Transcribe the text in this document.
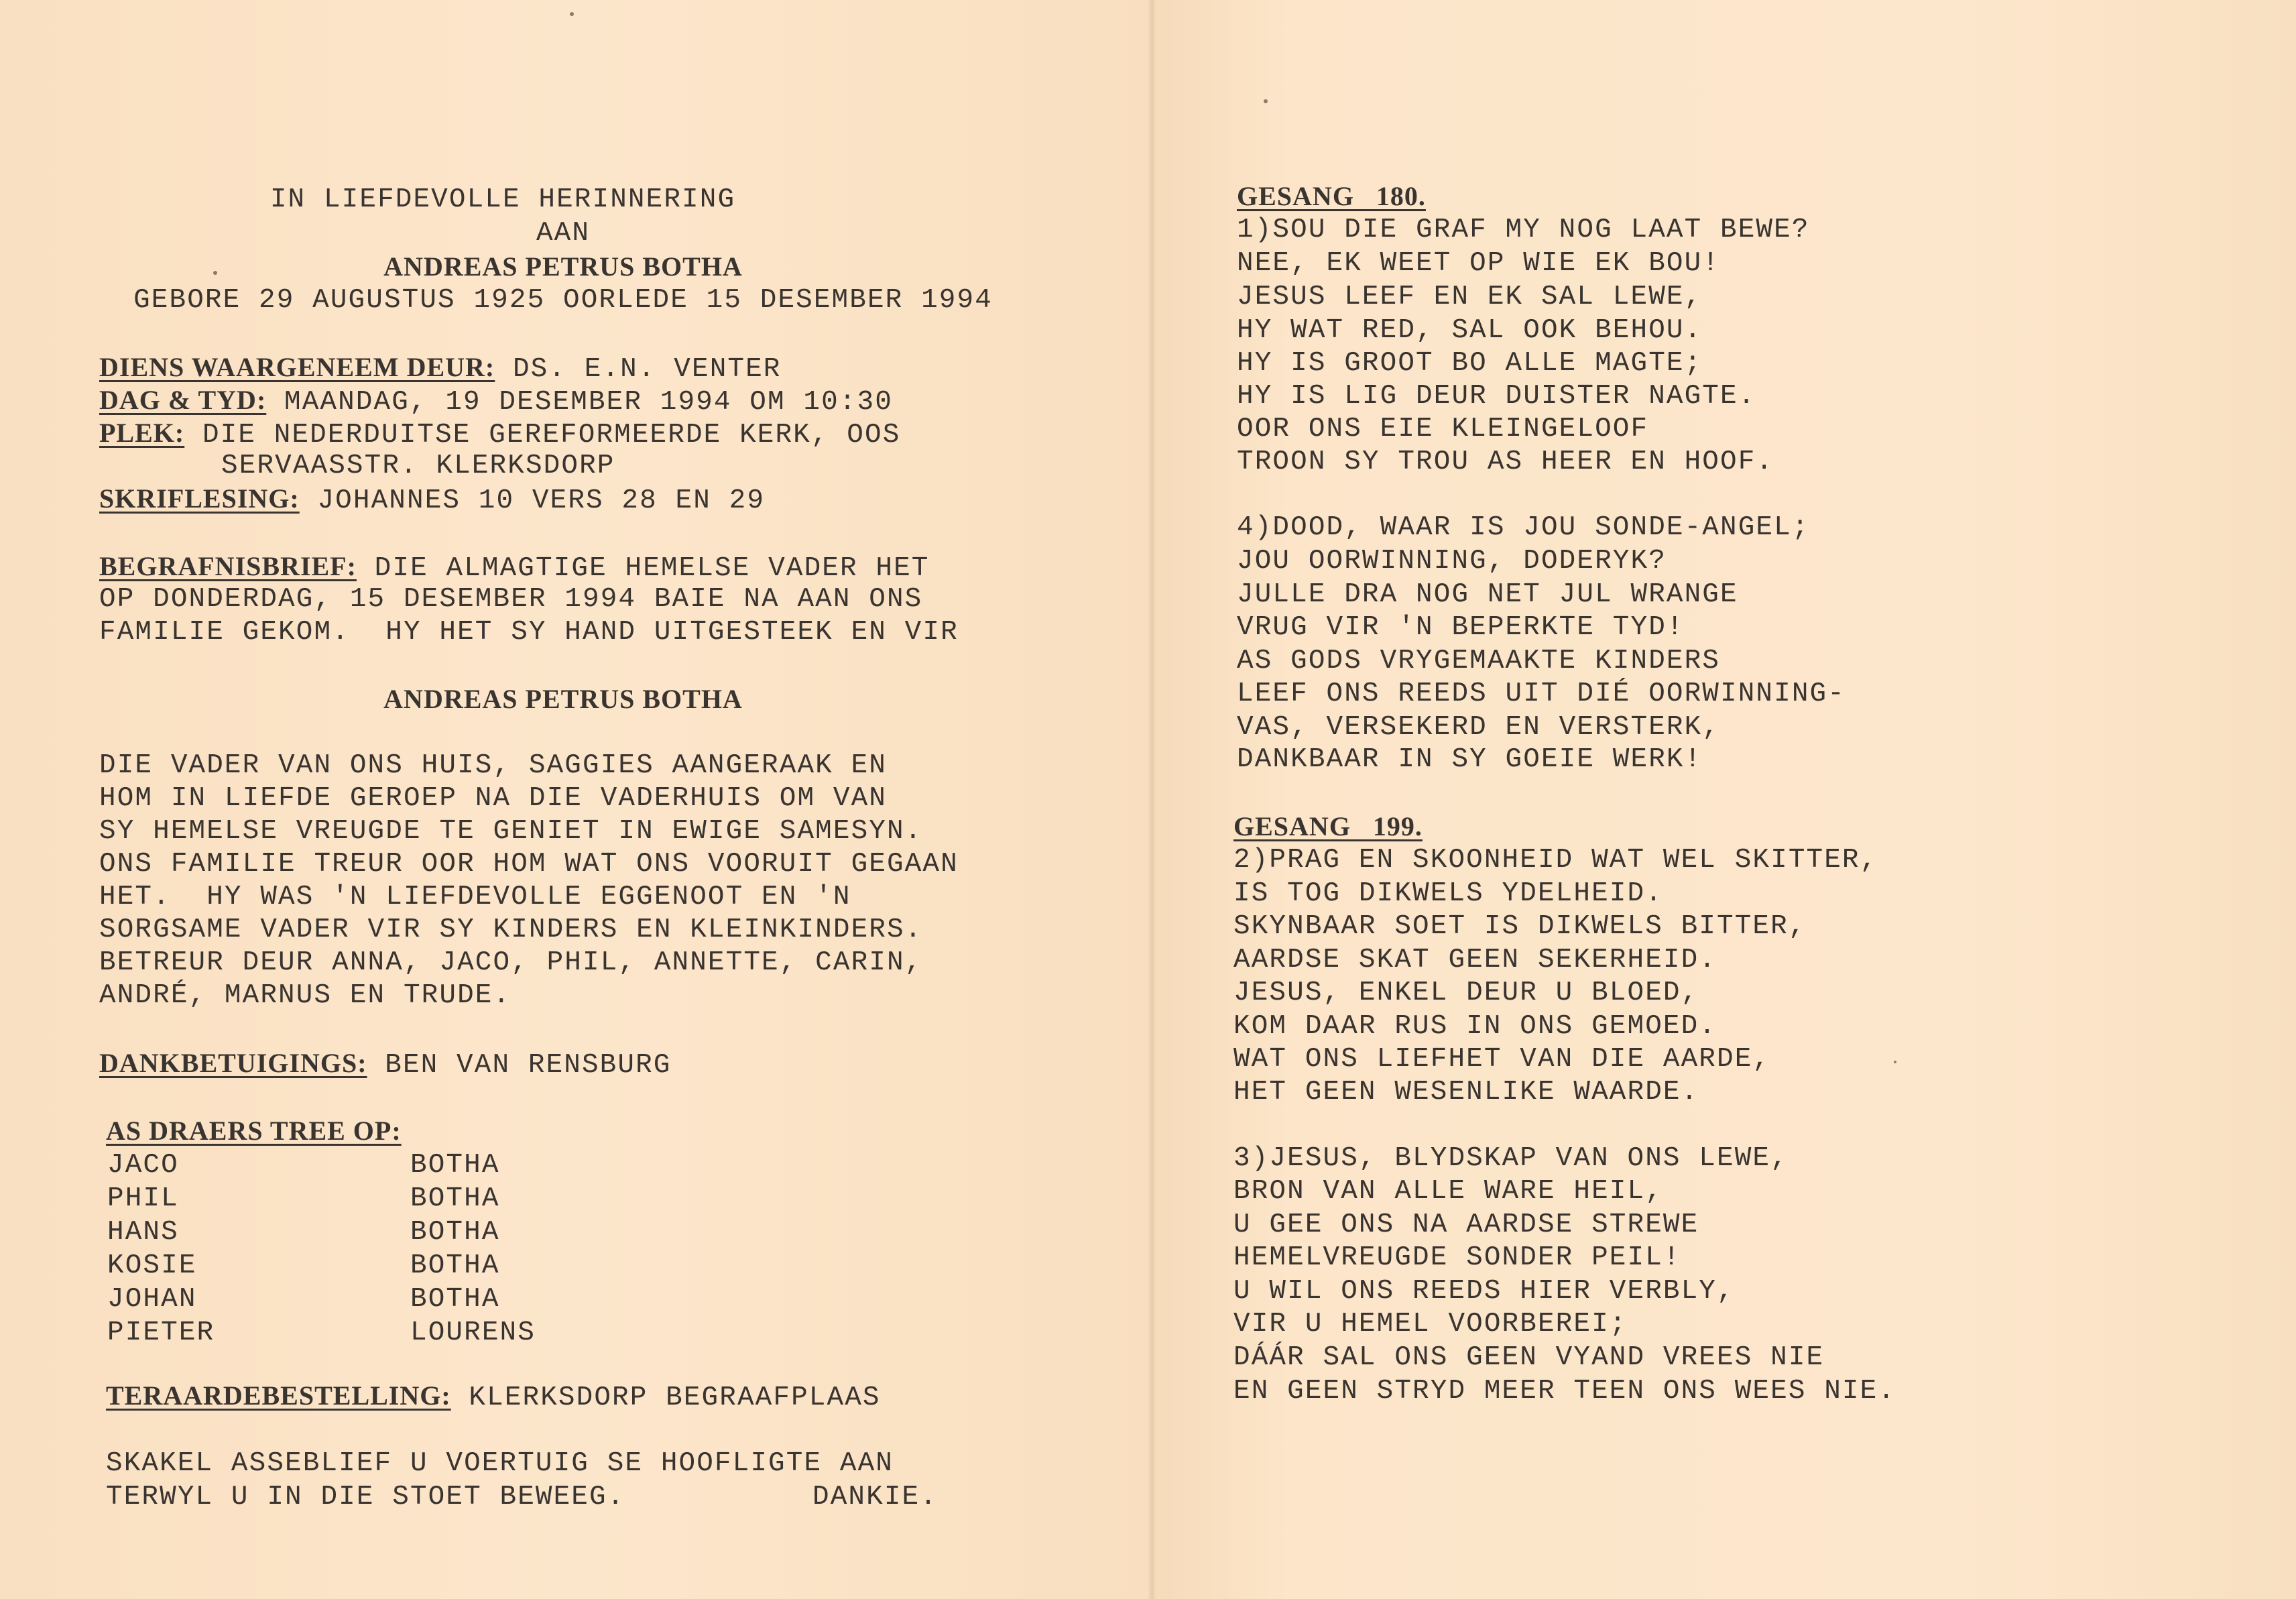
IN LIEFDEVOLLE HERINNERING
AAN
ANDREAS PETRUS BOTHA
GEBORE 29 AUGUSTUS 1925 OORLEDE 15 DESEMBER 1994
DIENS WAARGENEEM DEUR: DS. E.N. VENTER
DAG & TYD: MAANDAG, 19 DESEMBER 1994 OM 10:30
PLEK: DIE NEDERDUITSE GEREFORMEERDE KERK, OOS
SERVAASSTR. KLERKSDORP
SKRIFLESING: JOHANNES 10 VERS 28 EN 29
BEGRAFNISBRIEF: DIE ALMAGTIGE HEMELSE VADER HET
OP DONDERDAG, 15 DESEMBER 1994 BAIE NA AAN ONS
FAMILIE GEKOM.  HY HET SY HAND UITGESTEEK EN VIR
ANDREAS PETRUS BOTHA
DIE VADER VAN ONS HUIS, SAGGIES AANGERAAK EN
HOM IN LIEFDE GEROEP NA DIE VADERHUIS OM VAN
SY HEMELSE VREUGDE TE GENIET IN EWIGE SAMESYN.
ONS FAMILIE TREUR OOR HOM WAT ONS VOORUIT GEGAAN
HET.  HY WAS 'N LIEFDEVOLLE EGGENOOT EN 'N
SORGSAME VADER VIR SY KINDERS EN KLEINKINDERS.
BETREUR DEUR ANNA, JACO, PHIL, ANNETTE, CARIN,
ANDRÉ, MARNUS EN TRUDE.
DANKBETUIGINGS: BEN VAN RENSBURG
AS DRAERS TREE OP:
JACO	BOTHA
PHIL	BOTHA
HANS	BOTHA
KOSIE	BOTHA
JOHAN	BOTHA
PIETER	LOURENS
TERAARDEBESTELLING: KLERKSDORP BEGRAAFPLAAS
SKAKEL ASSEBLIEF U VOERTUIG SE HOOFLIGTE AAN
TERWYL U IN DIE STOET BEWEEG.	DANKIE.
GESANG   180.
1)SOU DIE GRAF MY NOG LAAT BEWE?
NEE, EK WEET OP WIE EK BOU!
JESUS LEEF EN EK SAL LEWE,
HY WAT RED, SAL OOK BEHOU.
HY IS GROOT BO ALLE MAGTE;
HY IS LIG DEUR DUISTER NAGTE.
OOR ONS EIE KLEINGELOOF
TROON SY TROU AS HEER EN HOOF.
4)DOOD, WAAR IS JOU SONDE-ANGEL;
JOU OORWINNING, DODERYK?
JULLE DRA NOG NET JUL WRANGE
VRUG VIR 'N BEPERKTE TYD!
AS GODS VRYGEMAAKTE KINDERS
LEEF ONS REEDS UIT DIÉ OORWINNING-
VAS, VERSEKERD EN VERSTERK,
DANKBAAR IN SY GOEIE WERK!
GESANG   199.
2)PRAG EN SKOONHEID WAT WEL SKITTER,
IS TOG DIKWELS YDELHEID.
SKYNBAAR SOET IS DIKWELS BITTER,
AARDSE SKAT GEEN SEKERHEID.
JESUS, ENKEL DEUR U BLOED,
KOM DAAR RUS IN ONS GEMOED.
WAT ONS LIEFHET VAN DIE AARDE,
HET GEEN WESENLIKE WAARDE.
3)JESUS, BLYDSKAP VAN ONS LEWE,
BRON VAN ALLE WARE HEIL,
U GEE ONS NA AARDSE STREWE
HEMELVREUGDE SONDER PEIL!
U WIL ONS REEDS HIER VERBLY,
VIR U HEMEL VOORBEREI;
DÁÁR SAL ONS GEEN VYAND VREES NIE
EN GEEN STRYD MEER TEEN ONS WEES NIE.
